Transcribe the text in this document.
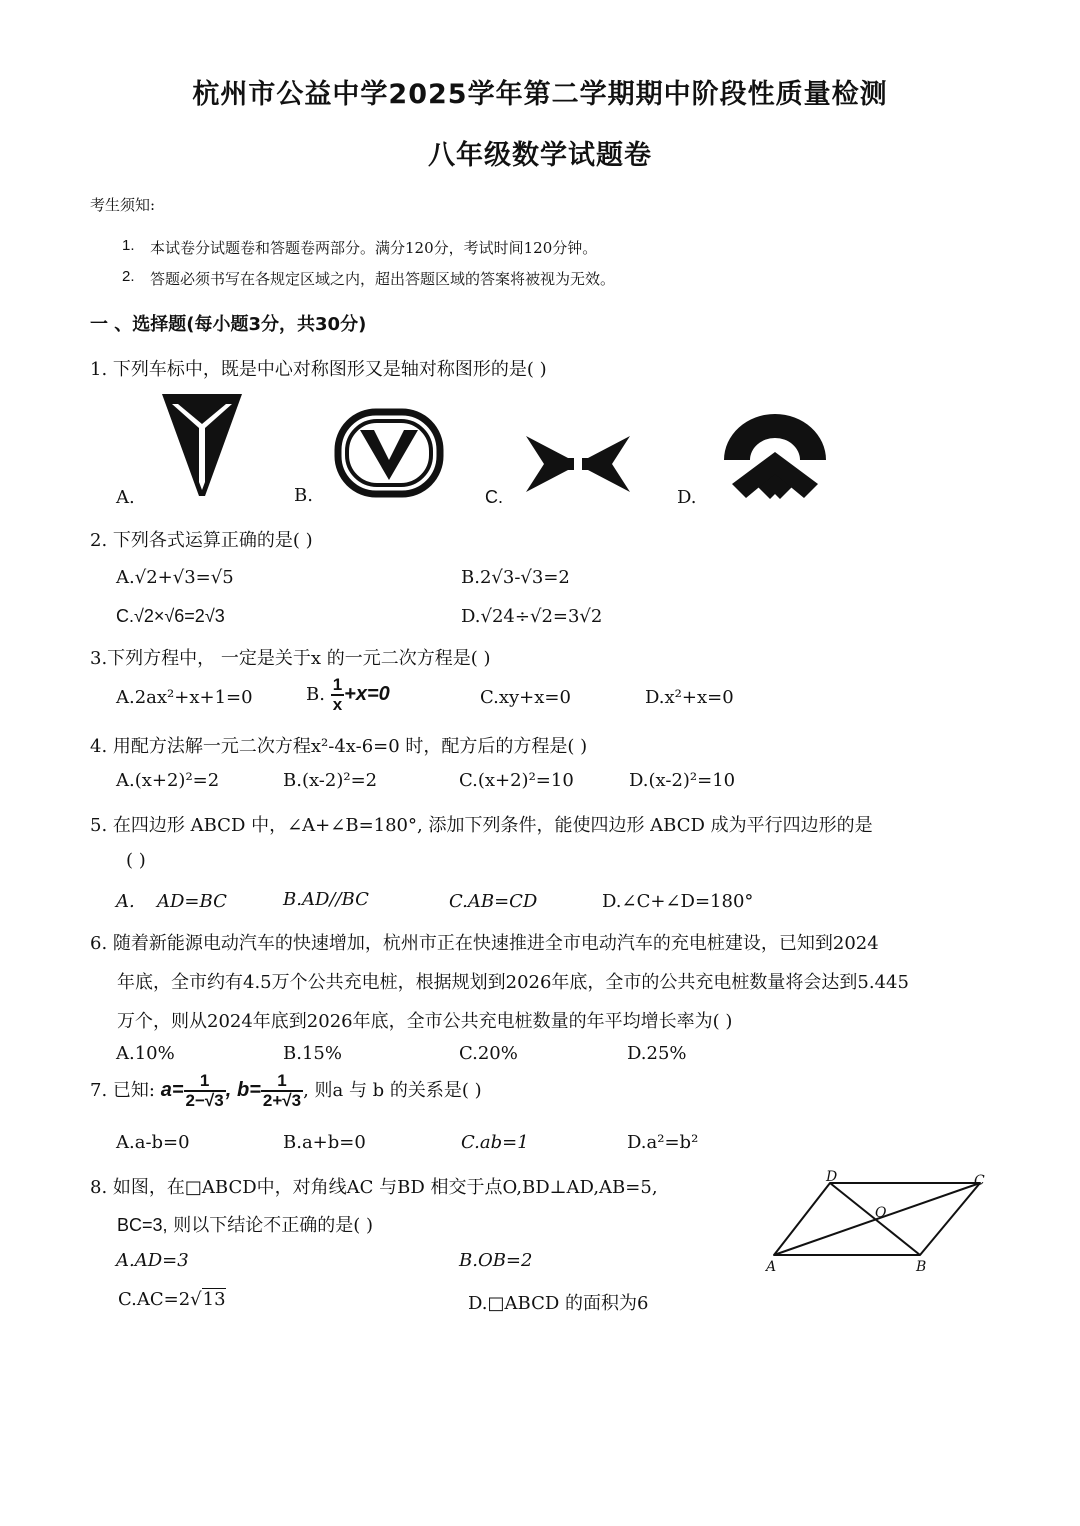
杭州市公益中学2025学年第二学期期中阶段性质量检测
八年级数学试题卷
考生须知:
1. 本试卷分试题卷和答题卷两部分。满分120分，考试时间120分钟。
2. 答题必须书写在各规定区域之内，超出答题区域的答案将被视为无效。
一 、选择题(每小题3分，共30分)
1. 下列车标中，既是中心对称图形又是轴对称图形的是( )
A.	B.	C.	D.
2. 下列各式运算正确的是( )
A.√2+√3=√5	B.2√3-√3=2
C.√2×√6=2√3	D.√24÷√2=3√2
3.下列方程中， 一定是关于x 的一元二次方程是( )
A.2ax²+x+1=0	B. $\frac{1}{x} +x=0$	C.xy+x=0	D.x²+x=0
4. 用配方法解一元二次方程x²-4x-6=0 时，配方后的方程是( )
A.(x+2)²=2	B.(x-2)²=2	C.(x+2)²=10	D.(x-2)²=10
5. 在四边形 ABCD 中，∠A+∠B=180°, 添加下列条件，能使四边形 ABCD 成为平行四边形的是
( )
A. AD=BC	B.AD//BC	C.AB=CD	D.∠C+∠D=180°
6. 随着新能源电动汽车的快速增加，杭州市正在快速推进全市电动汽车的充电桩建设，已知到2024
年底，全市约有4.5万个公共充电桩，根据规划到2026年底，全市的公共充电桩数量将会达到5.445
万个，则从2024年底到2026年底，全市公共充电桩数量的年平均增长率为( )
A.10%	B.15%	C.20%	D.25%
7. 已知: $a= \frac{1}{2-√3}$ , $b= \frac{1}{2+√3}$ , 则a 与 b 的关系是( )
A.a-b=0	B.a+b=0	C.ab=1	D.a²=b²
8. 如图，在□ABCD中，对角线AC 与BD 相交于点O,BD⊥AD,AB=5,
BC=3, 则以下结论不正确的是( )
A.AD=3	B.OB=2
C.AC=2√13	D.□ABCD 的面积为6
A	B
C
D
O
